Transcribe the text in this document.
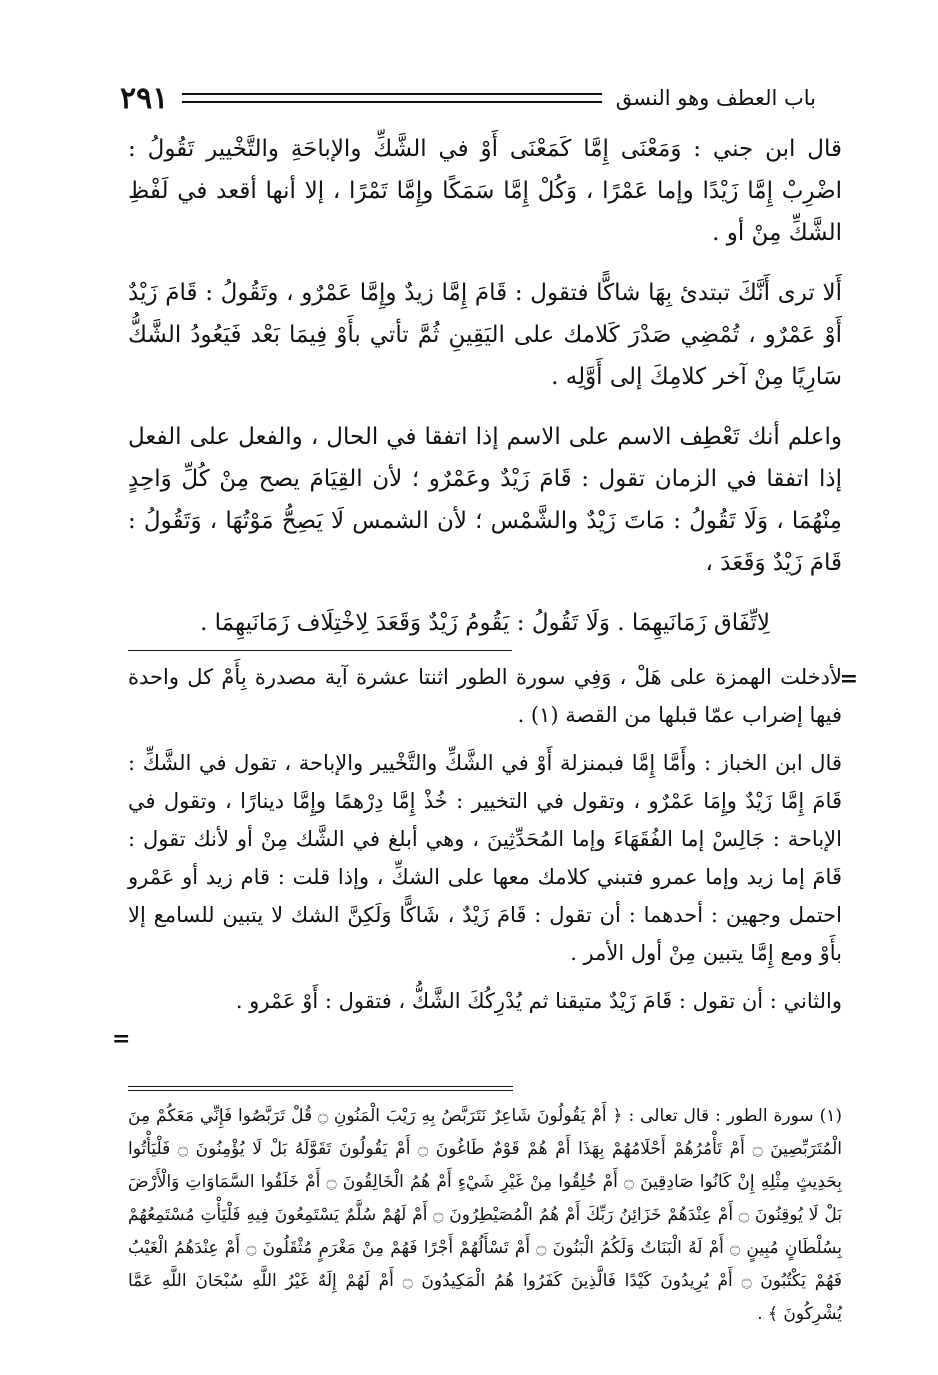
باب العطف وهو النسق
٢٩١

قال ابن جني : وَمَعْنَى إِمَّا كَمَعْنَى أَوْ في الشَّكِّ والإباحَةِ والتَّخْيير تَقُولُ : اضْرِبْ إِمَّا زَيْدًا وإما عَمْرًا ، وَكُلْ إِمَّا سَمَكًا وإِمَّا تَمْرًا ، إلا أنها أقعد في لَفْظِ الشَّكِّ مِنْ أو .

أَلا ترى أَنَّكَ تبتدئ بِهَا شاكًّا فتقول : قَامَ إِمَّا زيدٌ وإِمَّا عَمْرٌو ، وتَقُولُ : قَامَ زَيْدٌ أَوْ عَمْرٌو ، تُمْضِي صَدْرَ كَلامك على اليَقِينِ ثُمَّ تأتي بأَوْ فِيمَا بَعْد فَيَعُودُ الشَّكُّ سَارِيًا مِنْ آخر كلامِكَ إلى أَوَّلِه .

واعلم أنك تَعْطِف الاسم على الاسم إذا اتفقا في الحال ، والفعل على الفعل إذا اتفقا في الزمان تقول : قَامَ زَيْدٌ وعَمْرٌو ؛ لأن القِيَامَ يصح مِنْ كُلِّ وَاحِدٍ مِنْهُمَا ، وَلَا تَقُولُ : مَاتَ زَيْدٌ والشَّمْس ؛ لأن الشمس لَا يَصِحُّ مَوْتُهَا ، وَتَقُولُ : قَامَ زَيْدٌ وَقَعَدَ ،

لِاتِّفَاق زَمَانَيهِمَا . وَلَا تَقُولُ : يَقُومُ زَيْدٌ وَقَعَدَ لِاخْتِلَاف زَمَانَيهِمَا .

=

لأدخلت الهمزة على هَلْ ، وَفِي سورة الطور اثنتا عشرة آية مصدرة بِأَمْ كل واحدة فيها إضراب عمّا قبلها من القصة (١) .

قال ابن الخباز : وأَمَّا إِمَّا فبمنزلة أَوْ في الشَّكِّ والتَّخْيير والإباحة ، تقول في الشَّكِّ : قَامَ إِمَّا زَيْدٌ وإِمَا عَمْرٌو ، وتقول في التخيير : خُذْ إِمَّا دِرْهمًا وإِمَّا دينارًا ، وتقول في الإباحة : جَالِسْ إما الفُقَهَاءَ وإما المُحَدِّثِينَ ، وهي أبلغ في الشَّك مِنْ أو لأنك تقول : قَامَ إما زيد وإما عمرو فتبني كلامك معها على الشكِّ ، وإذا قلت : قام زيد أو عَمْرو احتمل وجهين : أحدهما : أن تقول : قَامَ زَيْدٌ ، شَاكًّا وَلَكِنَّ الشك لا يتبين للسامع إلا بأَوْ ومع إِمَّا يتبين مِنْ أول الأمر .

والثاني : أن تقول : قَامَ زَيْدٌ متيقنا ثم يُدْرِكُكَ الشَّكُّ ، فتقول : أَوْ عَمْرو .

=

(١) سورة الطور : قال تعالى : ﴿ أَمْ يَقُولُونَ شَاعِرٌ نَتَرَبَّصُ بِهِ رَيْبَ الْمَنُونِ ۝ قُلْ تَرَبَّصُوا فَإِنِّي مَعَكُمْ مِنَ الْمُتَرَبِّصِينَ ۝ أَمْ تَأْمُرُهُمْ أَحْلَامُهُمْ بِهَذَا أَمْ هُمْ قَوْمٌ طَاغُونَ ۝ أَمْ يَقُولُونَ تَقَوَّلَهُ بَلْ لَا يُؤْمِنُونَ ۝ فَلْيَأْتُوا بِحَدِيثٍ مِثْلِهِ إِنْ كَانُوا صَادِقِينَ ۝ أَمْ خُلِقُوا مِنْ غَيْرِ شَيْءٍ أَمْ هُمُ الْخَالِقُونَ ۝ أَمْ خَلَقُوا السَّمَاوَاتِ وَالْأَرْضَ بَلْ لَا يُوقِنُونَ ۝ أَمْ عِنْدَهُمْ خَزَائِنُ رَبِّكَ أَمْ هُمُ الْمُصَيْطِرُونَ ۝ أَمْ لَهُمْ سُلَّمٌ يَسْتَمِعُونَ فِيهِ فَلْيَأْتِ مُسْتَمِعُهُمْ بِسُلْطَانٍ مُبِينٍ ۝ أَمْ لَهُ الْبَنَاتُ وَلَكُمُ الْبَنُونَ ۝ أَمْ تَسْأَلُهُمْ أَجْرًا فَهُمْ مِنْ مَغْرَمٍ مُثْقَلُونَ ۝ أَمْ عِنْدَهُمُ الْغَيْبُ فَهُمْ يَكْتُبُونَ ۝ أَمْ يُرِيدُونَ كَيْدًا فَالَّذِينَ كَفَرُوا هُمُ الْمَكِيدُونَ ۝ أَمْ لَهُمْ إِلَهٌ غَيْرُ اللَّهِ سُبْحَانَ اللَّهِ عَمَّا يُشْرِكُونَ ﴾ .
